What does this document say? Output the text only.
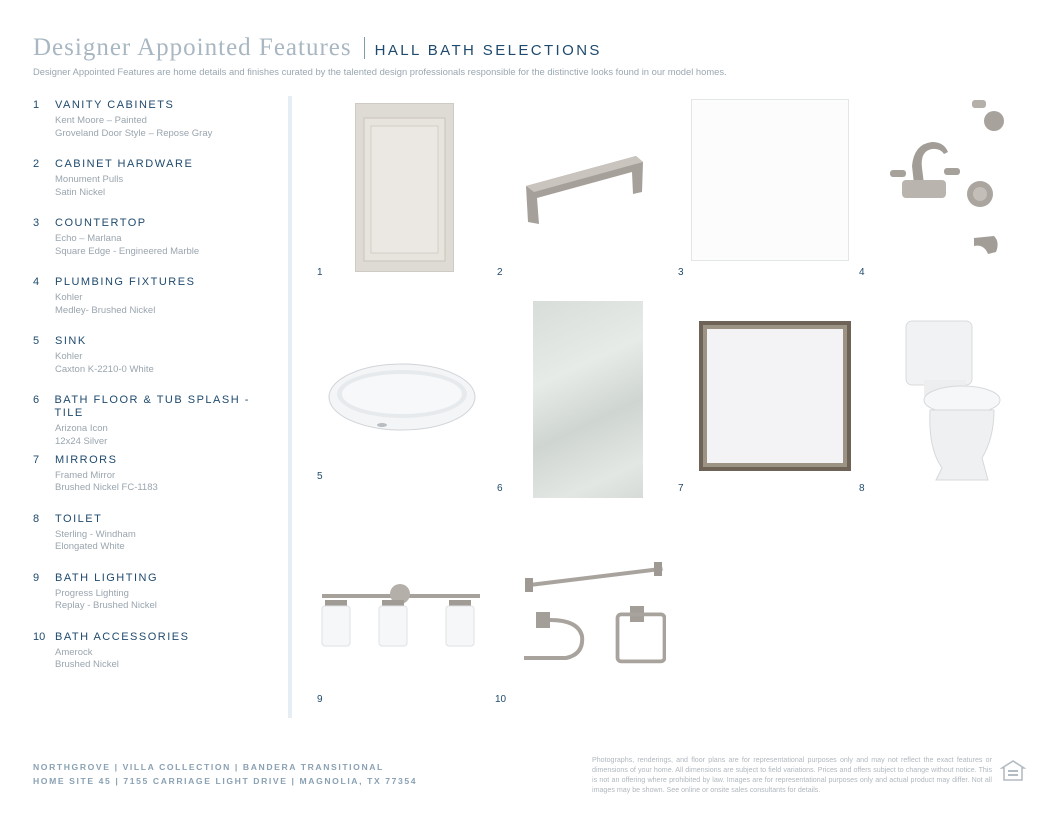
Designer Appointed Features HALL BATH SELECTIONS
Designer Appointed Features are home details and finishes curated by the talented design professionals responsible for the distinctive looks found in our model homes.
1	VANITY CABINETS
Kent Moore – Painted
Groveland Door Style – Repose Gray
2	CABINET HARDWARE
Monument Pulls
Satin Nickel
3	COUNTERTOP
Echo – Marlana
Square Edge - Engineered Marble
4	PLUMBING FIXTURES
Kohler
Medley- Brushed Nickel
5	SINK
Kohler
Caxton K-2210-0 White
6	BATH FLOOR & TUB SPLASH - TILE
Arizona Icon
12x24 Silver
7	MIRRORS
Framed Mirror
Brushed Nickel FC-1183
8	TOILET
Sterling - Windham
Elongated White
9	BATH LIGHTING
Progress Lighting
Replay - Brushed Nickel
10 BATH ACCESSORIES
Amerock
Brushed Nickel
1	2	3	4
5
6	7	8
9	10
NORTHGROVE | VILLA COLLECTION | BANDERA TRANSITIONAL
HOME SITE 45 | 7155 CARRIAGE LIGHT DRIVE | MAGNOLIA, TX 77354
Photographs, renderings, and floor plans are for representational purposes only and may not reflect the exact features or dimensions of your home. All dimensions are subject to field variations. Prices and offers subject to change without notice. This is not an offering where prohibited by law. Images are for representational purposes only and actual product may differ. Not all images may be shown. See online or onsite sales consultants for details.
